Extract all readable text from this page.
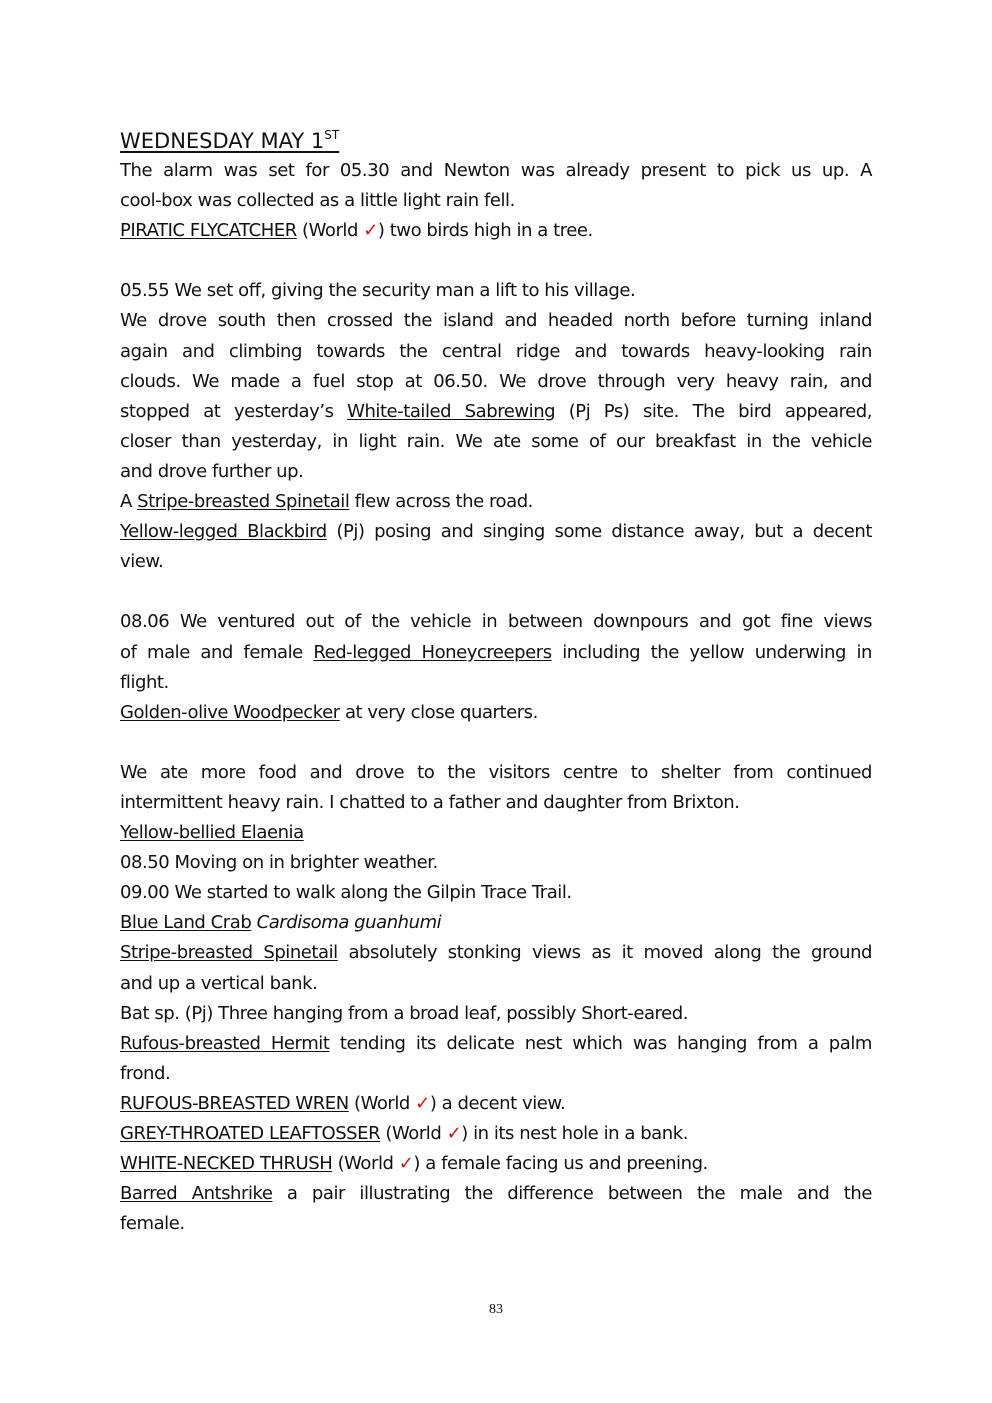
WEDNESDAY MAY 1ST

The alarm was set for 05.30 and Newton was already present to pick us up. A

cool-box was collected as a little light rain fell.

PIRATIC FLYCATCHER (World ✓) two birds high in a tree.

05.55 We set off, giving the security man a lift to his village.

We drove south then crossed the island and headed north before turning inland

again and climbing towards the central ridge and towards heavy-looking rain

clouds. We made a fuel stop at 06.50. We drove through very heavy rain, and

stopped at yesterday’s White-tailed Sabrewing (Pj Ps) site. The bird appeared,

closer than yesterday, in light rain. We ate some of our breakfast in the vehicle

and drove further up.

A Stripe-breasted Spinetail flew across the road.

Yellow-legged Blackbird (Pj) posing and singing some distance away, but a decent

view.

08.06 We ventured out of the vehicle in between downpours and got fine views

of male and female Red-legged Honeycreepers including the yellow underwing in

flight.

Golden-olive Woodpecker at very close quarters.

We ate more food and drove to the visitors centre to shelter from continued

intermittent heavy rain. I chatted to a father and daughter from Brixton.

Yellow-bellied Elaenia

08.50 Moving on in brighter weather.

09.00 We started to walk along the Gilpin Trace Trail.

Blue Land Crab Cardisoma guanhumi

Stripe-breasted Spinetail absolutely stonking views as it moved along the ground

and up a vertical bank.

Bat sp. (Pj) Three hanging from a broad leaf, possibly Short-eared.

Rufous-breasted Hermit tending its delicate nest which was hanging from a palm

frond.

RUFOUS-BREASTED WREN (World ✓) a decent view.

GREY-THROATED LEAFTOSSER (World ✓) in its nest hole in a bank.

WHITE-NECKED THRUSH (World ✓) a female facing us and preening.

Barred Antshrike a pair illustrating the difference between the male and the

female.

83
